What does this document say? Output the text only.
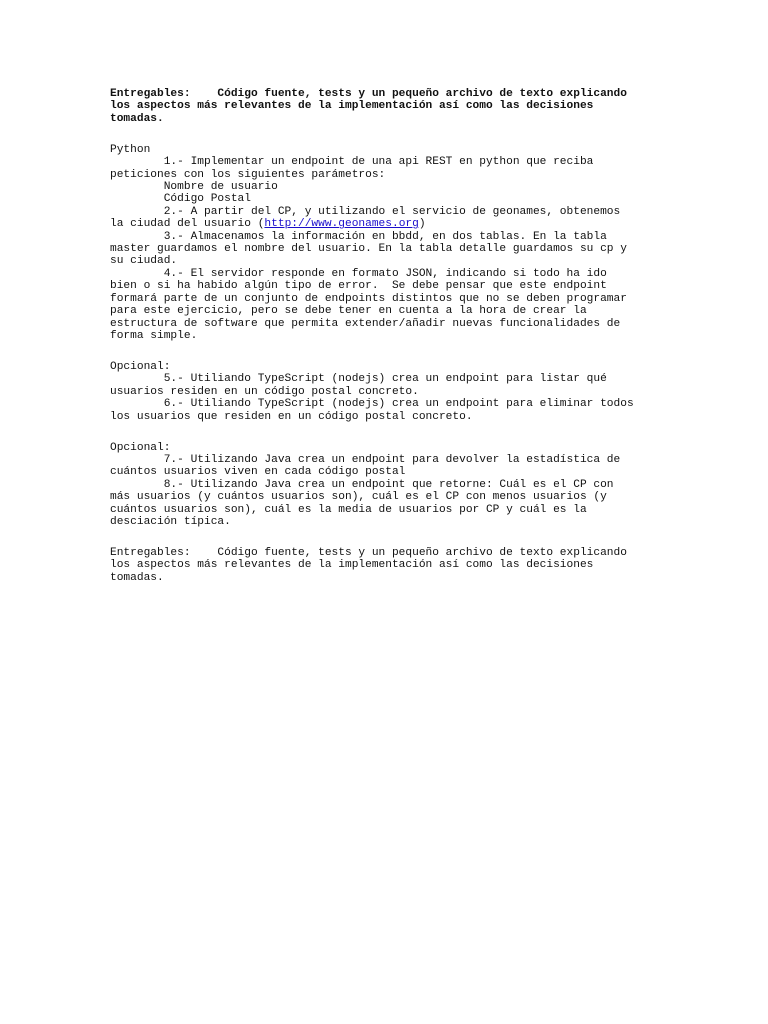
Entregables:    Código fuente, tests y un pequeño archivo de texto explicando
los aspectos más relevantes de la implementación así como las decisiones
tomadas.
Python
1.- Implementar un endpoint de una api REST en python que reciba
peticiones con los siguientes parámetros:
Nombre de usuario
Código Postal
2.- A partir del CP, y utilizando el servicio de geonames, obtenemos
la ciudad del usuario (http://www.geonames.org)
3.- Almacenamos la información en bbdd, en dos tablas. En la tabla
master guardamos el nombre del usuario. En la tabla detalle guardamos su cp y
su ciudad.
4.- El servidor responde en formato JSON, indicando si todo ha ido
bien o si ha habido algún tipo de error.  Se debe pensar que este endpoint
formará parte de un conjunto de endpoints distintos que no se deben programar
para este ejercicio, pero se debe tener en cuenta a la hora de crear la
estructura de software que permita extender/añadir nuevas funcionalidades de
forma simple.
Opcional:
5.- Utiliando TypeScript (nodejs) crea un endpoint para listar qué
usuarios residen en un código postal concreto.
6.- Utiliando TypeScript (nodejs) crea un endpoint para eliminar todos
los usuarios que residen en un código postal concreto.
Opcional:
7.- Utilizando Java crea un endpoint para devolver la estadística de
cuántos usuarios viven en cada código postal
8.- Utilizando Java crea un endpoint que retorne: Cuál es el CP con
más usuarios (y cuántos usuarios son), cuál es el CP con menos usuarios (y
cuántos usuarios son), cuál es la media de usuarios por CP y cuál es la
desciación típica.
Entregables:    Código fuente, tests y un pequeño archivo de texto explicando
los aspectos más relevantes de la implementación así como las decisiones
tomadas.
